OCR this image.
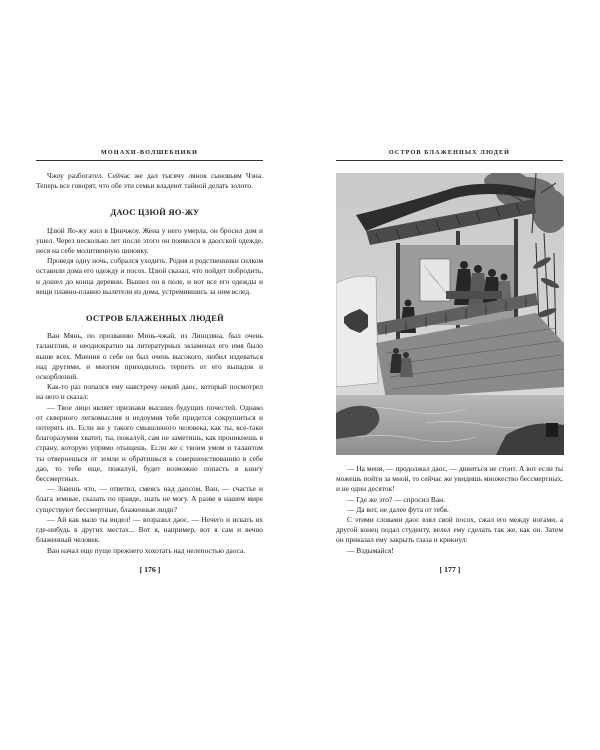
МОНАХИ-ВОЛШЕБНИКИ

Чжоу разбогател. Сейчас же дал тысячу лянов сыновьям Чэна. Теперь все говорят, что обе эти семьи владеют тайной делать золото.

ДАОС ЦЗЮЙ ЯО-ЖУ

Цзюй Яо-жу жил в Цинчжоу. Жена у него умерла, он бросил дом и ушел. Через несколько лет после этого он появился в даосской одежде, неся на себе молитвенную циновку.

Проведя одну ночь, собрался уходить. Родня и родственники силком оставили дома его одежду и посох. Цзюй сказал, что пойдет побродить, и дошел до конца деревни. Вышел он в поле, и вот все его одежды и вещи плавно-плавно вылетели из дома, устремившись за ним вслед.

ОСТРОВ БЛАЖЕННЫХ ЛЮДЕЙ

Ван Мянь, по прозванию Минь-чжай, из Линцзяна, был очень талантлив, и неоднократно на литературных экзаменах его имя было выше всех. Мнения о себе он был очень высокого, любил издеваться над другими, и многим приходилось терпеть от его выпадок и оскорблений.

Как-то раз попался ему навстречу некий даос, который посмотрел на него и сказал:

— Твое лицо являет признаки высших будущих почестей. Однако от скверного легкомыслия и недоумия тебе придется сокрушиться и потерять их. Если же у такого смышленого человека, как ты, все-таки благоразумия хватит, ты, пожалуй, сам не заметишь, как проникнешь в страну, которую упрямо отыщешь. Если же с твоим умом и талантом ты отвернешься от земли и обратишься к совершенствованию в себе дао, то тебе еще, пожалуй, будет возможно попасть в книгу бессмертных.

— Знаешь что, — ответил, смеясь над даосом, Ван, — счастье и блага земные, сказать по правде, знать не могу. А разве в нашем мире существуют бессмертные, блаженные люди?

— Ай как мало ты видел! — возразил даос. — Нечего и искать их где-нибудь в других местах... Вот я, например, вот я сам и вечно блаженный человек.

Ван начал еще пуще прежнего хохотать над нелепостью даоса.

[ 176 ]
ОСТРОВ БЛАЖЕННЫХ ЛЮДЕЙ

— На меня, — продолжал даос, — дивиться не стоит. А вот если ты можешь пойти за мной, то сейчас же увидишь множество бессмертных, и не один десяток!

— Где же это? — спросил Ван.

— Да вот, не далее фута от тебя.

С этими словами даос взял свой посох, сжал его между ногами, а другой конец подал студенту, велел ему сделать так же, как он. Затем он приказал ему закрыть глаза и крикнул:

— Вздымайся!

[ 177 ]
